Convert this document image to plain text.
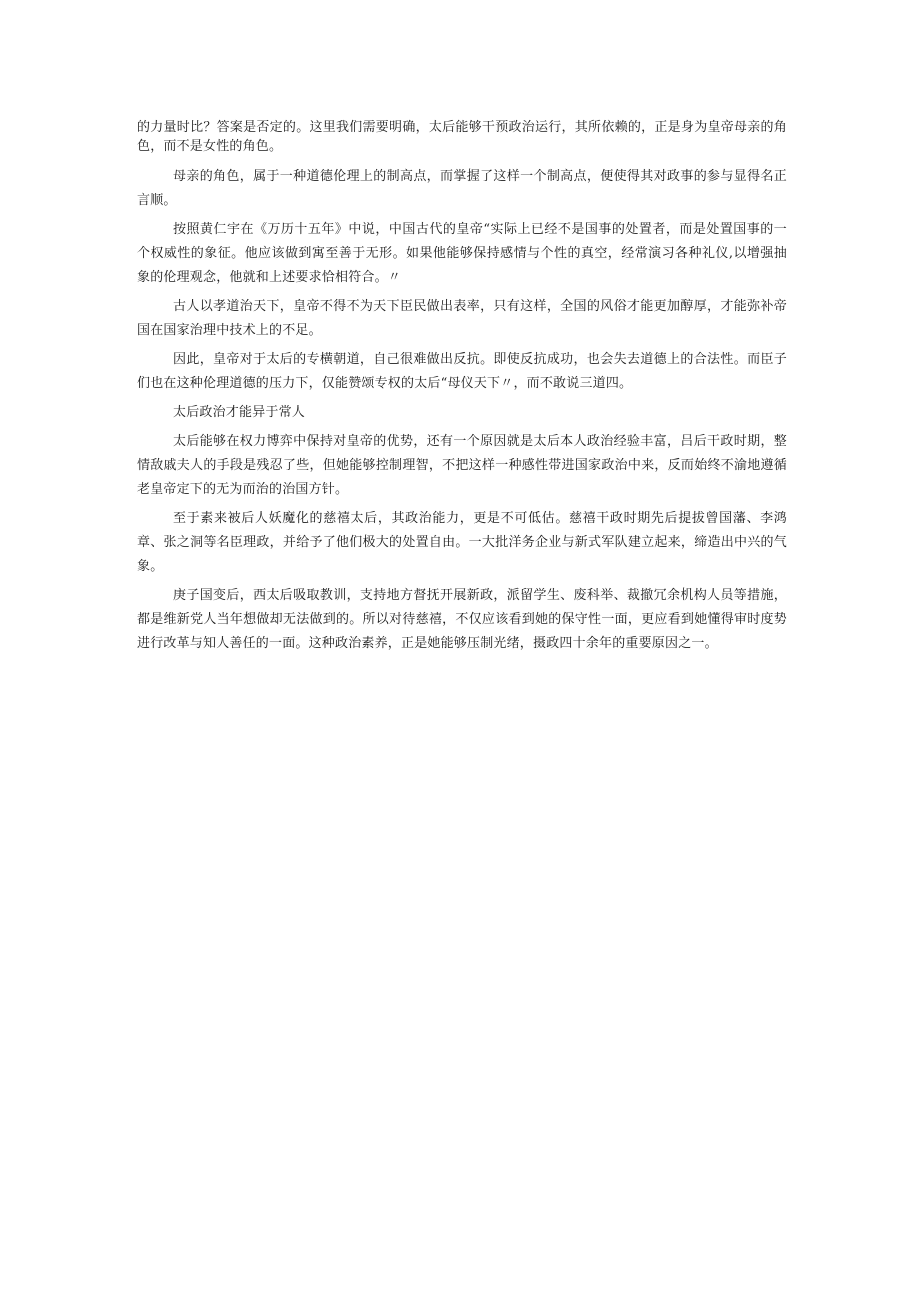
的力量时比？答案是否定的。这里我们需要明确，太后能够干预政治运行，其所依赖的，正是身为皇帝母亲的角色，而不是女性的角色。

母亲的角色，属于一种道德伦理上的制高点，而掌握了这样一个制高点，便使得其对政事的参与显得名正言顺。

按照黄仁宇在《万历十五年》中说，中国古代的皇帝“实际上已经不是国事的处置者，而是处置国事的一个权威性的象征。他应该做到寓至善于无形。如果他能够保持感情与个性的真空，经常演习各种礼仪,以增强抽象的伦理观念，他就和上述要求恰相符合。〃

古人以孝道治天下，皇帝不得不为天下臣民做出表率，只有这样，全国的风俗才能更加醇厚，才能弥补帝国在国家治理中技术上的不足。

因此，皇帝对于太后的专横朝道，自己很难做出反抗。即使反抗成功，也会失去道德上的合法性。而臣子们也在这种伦理道德的压力下，仅能赞颂专权的太后“母仪天下〃，而不敢说三道四。

太后政治才能异于常人

太后能够在权力博弈中保持对皇帝的优势，还有一个原因就是太后本人政治经验丰富，吕后干政时期，整情敌戚夫人的手段是残忍了些，但她能够控制理智，不把这样一种感性带进国家政治中来，反而始终不渝地遵循老皇帝定下的无为而治的治国方针。

至于素来被后人妖魔化的慈禧太后，其政治能力，更是不可低估。慈禧干政时期先后提拔曾国藩、李鸿章、张之洞等名臣理政，并给予了他们极大的处置自由。一大批洋务企业与新式军队建立起来，缔造出中兴的气象。

庚子国变后，西太后吸取教训，支持地方督抚开展新政，派留学生、废科举、裁撤冗余机构人员等措施，都是维新党人当年想做却无法做到的。所以对待慈禧，不仅应该看到她的保守性一面，更应看到她懂得审时度势进行改革与知人善任的一面。这种政治素养，正是她能够压制光绪，摄政四十余年的重要原因之一。
